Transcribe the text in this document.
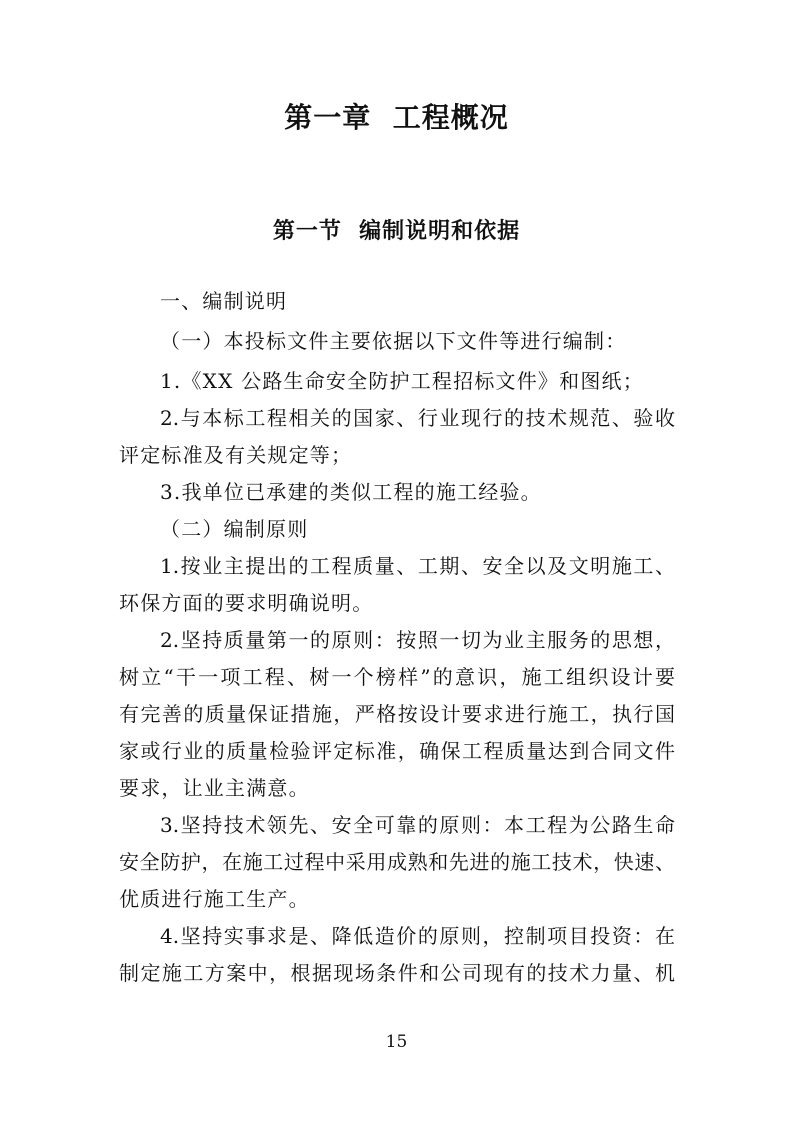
第一章  工程概况
第一节  编制说明和依据
一、编制说明
（一）本投标文件主要依据以下文件等进行编制：
1.《XX 公路生命安全防护工程招标文件》和图纸；
2.与本标工程相关的国家、行业现行的技术规范、验收
评定标准及有关规定等；
3.我单位已承建的类似工程的施工经验。
（二）编制原则
1.按业主提出的工程质量、工期、安全以及文明施工、
环保方面的要求明确说明。
2.坚持质量第一的原则：按照一切为业主服务的思想，
树立“干一项工程、树一个榜样”的意识，施工组织设计要
有完善的质量保证措施，严格按设计要求进行施工，执行国
家或行业的质量检验评定标准，确保工程质量达到合同文件
要求，让业主满意。
3.坚持技术领先、安全可靠的原则：本工程为公路生命
安全防护，在施工过程中采用成熟和先进的施工技术，快速、
优质进行施工生产。
4.坚持实事求是、降低造价的原则，控制项目投资：在
制定施工方案中，根据现场条件和公司现有的技术力量、机
15
